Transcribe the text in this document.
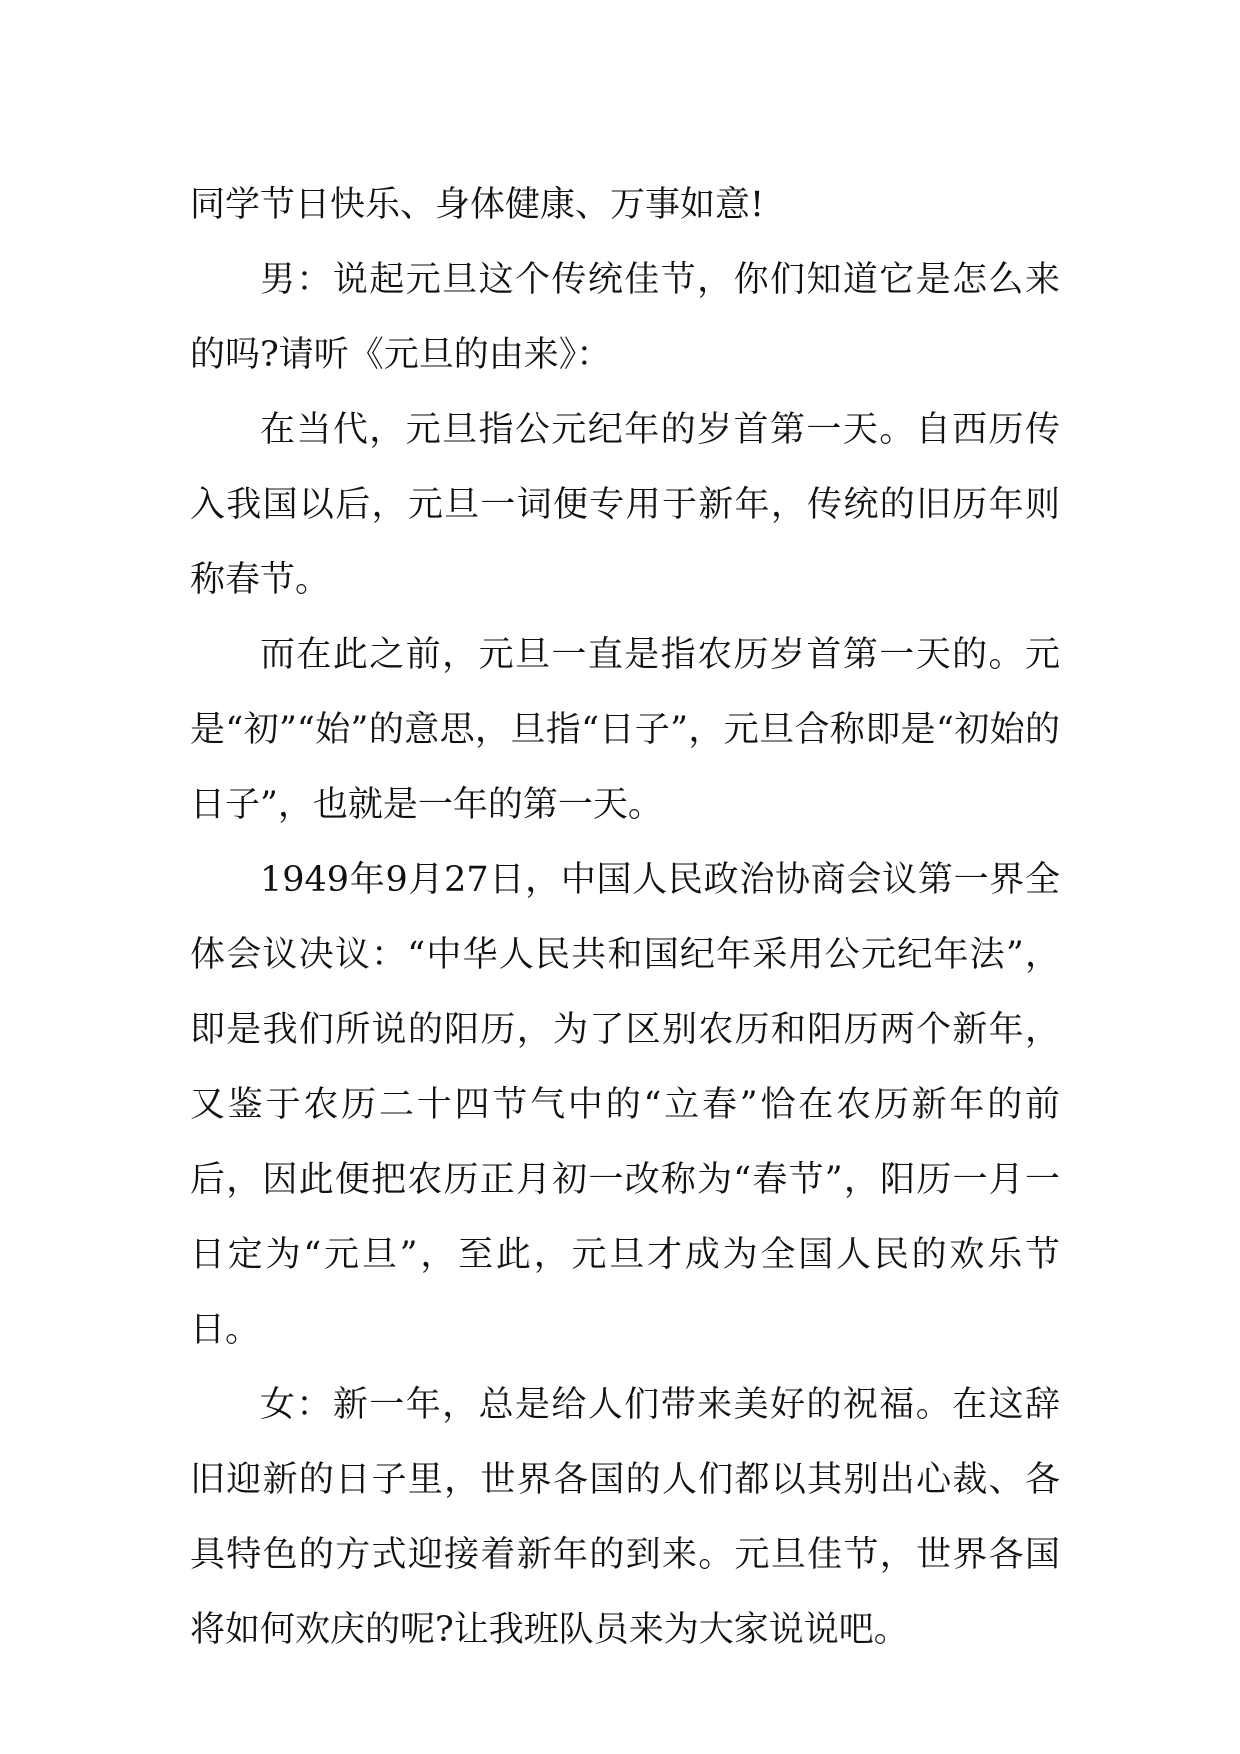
同学节日快乐、身体健康、万事如意!

男：说起元旦这个传统佳节，你们知道它是怎么来的吗?请听《元旦的由来》：

在当代，元旦指公元纪年的岁首第一天。自西历传入我国以后，元旦一词便专用于新年，传统的旧历年则称春节。

而在此之前，元旦一直是指农历岁首第一天的。元是“初”“始”的意思，旦指“日子”，元旦合称即是“初始的日子”，也就是一年的第一天。

1949年9月27日，中国人民政治协商会议第一界全体会议决议：“中华人民共和国纪年采用公元纪年法”，即是我们所说的阳历，为了区别农历和阳历两个新年，又鉴于农历二十四节气中的“立春”恰在农历新年的前后，因此便把农历正月初一改称为“春节”，阳历一月一日定为“元旦”，至此，元旦才成为全国人民的欢乐节日。

女：新一年，总是给人们带来美好的祝福。在这辞旧迎新的日子里，世界各国的人们都以其别出心裁、各具特色的方式迎接着新年的到来。元旦佳节，世界各国将如何欢庆的呢?让我班队员来为大家说说吧。
